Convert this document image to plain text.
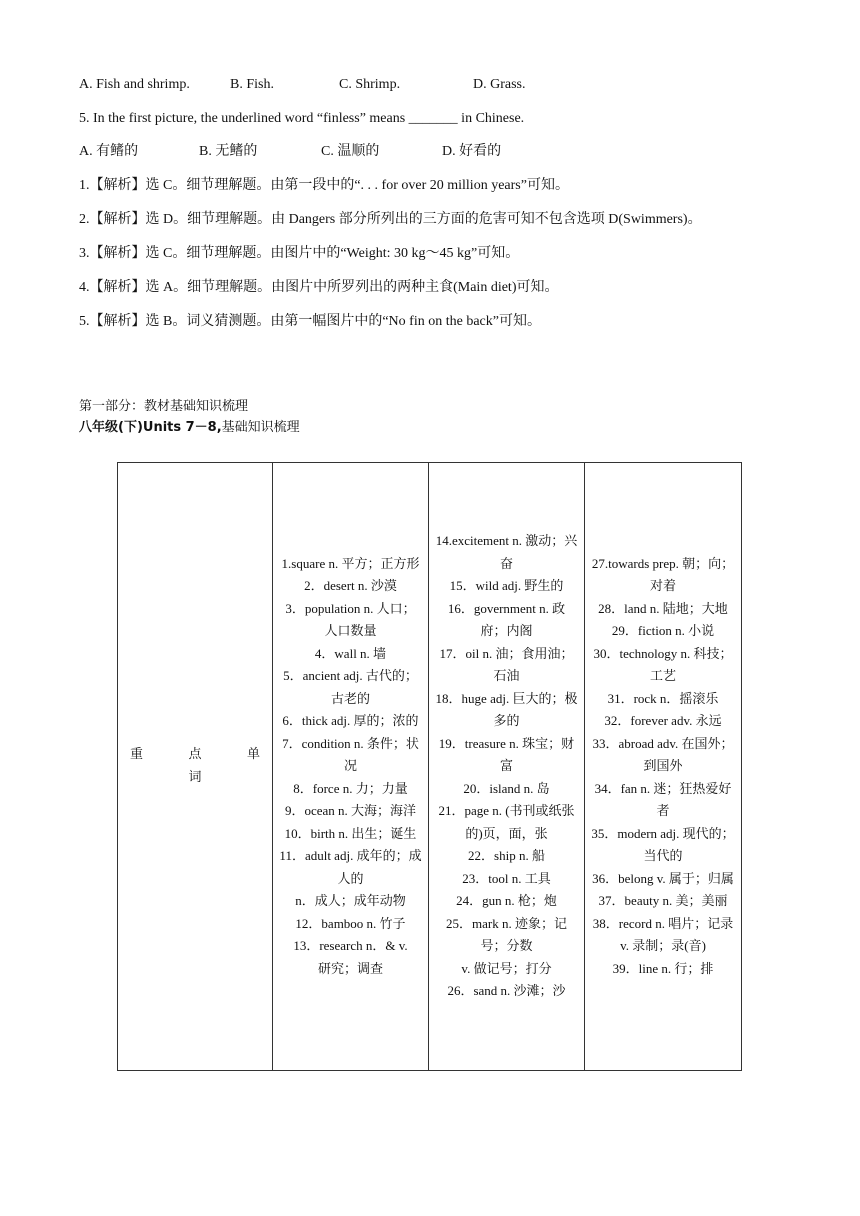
A. Fish and shrimp.	B. Fish.	C. Shrimp.	D. Grass.
5. In the first picture, the underlined word “finless” means _______ in Chinese.
A. 有鳍的	B. 无鳍的	C. 温顺的	D. 好看的
1.【解析】选 C。细节理解题。由第一段中的“. . . for over 20 million years”可知。
2.【解析】选 D。细节理解题。由 Dangers 部分所列出的三方面的危害可知不包含选项 D(Swimmers)。
3.【解析】选 C。细节理解题。由图片中的“Weight: 30 kg～45 kg”可知。
4.【解析】选 A。细节理解题。由图片中所罗列出的两种主食(Main diet)可知。
5.【解析】选 B。词义猜测题。由第一幅图片中的“No fin on the back”可知。
第一部分：教材基础知识梳理
八年级(下)Units 7－8,基础知识梳理
重	点	单
词

1.square n. 平方；正方形
2．desert n. 沙漠
3．population n. 人口；人口数量
4．wall n. 墙
5．ancient adj. 古代的；古老的
6．thick adj. 厚的；浓的
7．condition n. 条件；状况
8．force n. 力；力量
9．ocean n. 大海；海洋
10．birth n. 出生；诞生
11．adult adj. 成年的；成人的
n．成人；成年动物
12．bamboo n. 竹子
13．research n．& v.
研究；调查

14.excitement n. 激动；兴奋
15．wild adj. 野生的
16．government n. 政府；内阁
17．oil n. 油；食用油；石油
18．huge adj. 巨大的；极多的
19．treasure n. 珠宝；财富
20．island n. 岛
21．page n. (书刊或纸张的)页，面，张
22．ship n. 船
23．tool n. 工具
24．gun n. 枪；炮
25．mark n. 迹象；记号；分数
v. 做记号；打分
26．sand n. 沙滩；沙

27.towards prep. 朝；向；对着
28．land n. 陆地；大地
29．fiction n. 小说
30．technology n. 科技；工艺
31．rock n．摇滚乐
32．forever adv. 永远
33．abroad adv. 在国外；到国外
34．fan n. 迷；狂热爱好者
35．modern adj. 现代的；当代的
36．belong v. 属于；归属
37．beauty n. 美；美丽
38．record n. 唱片；记录
v. 录制；录(音)
39．line n. 行；排
